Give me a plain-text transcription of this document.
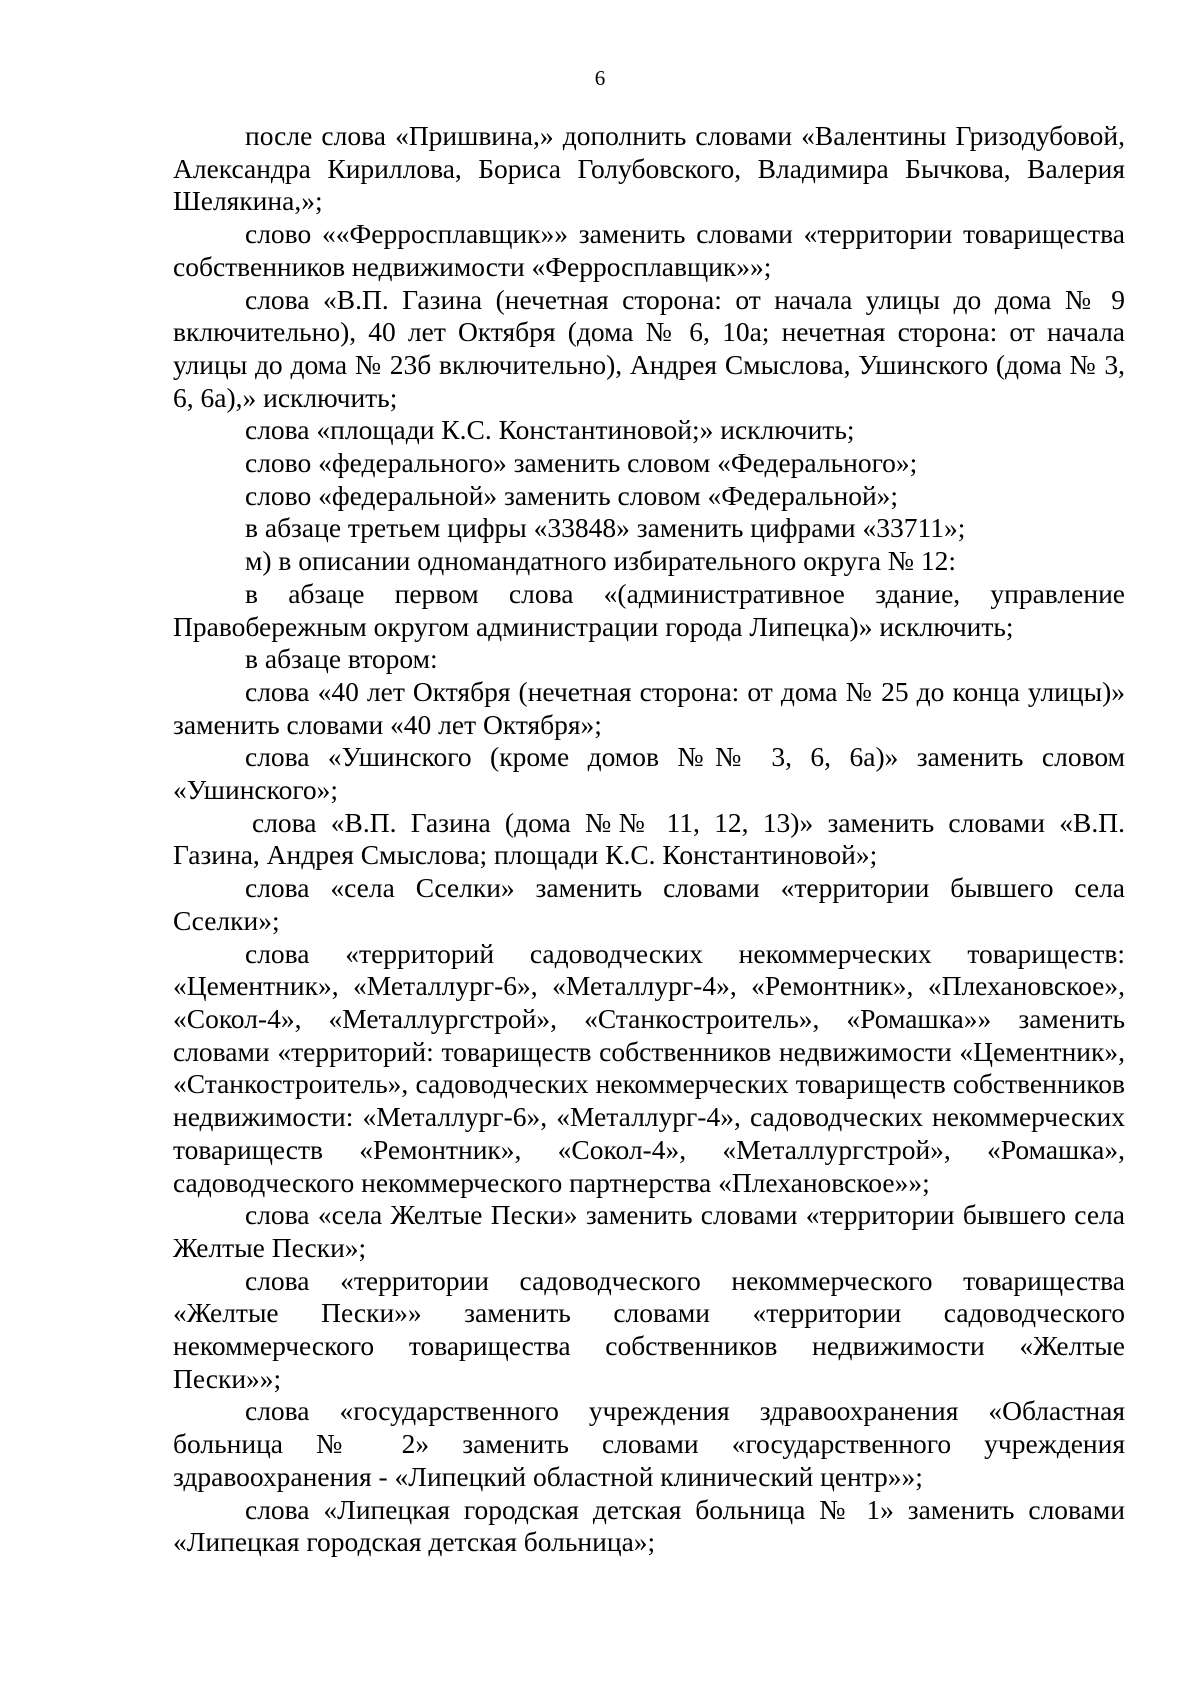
6

после слова «Пришвина,» дополнить словами «Валентины Гризодубовой, Александра Кириллова, Бориса Голубовского, Владимира Бычкова, Валерия Шелякина,»;

слово ««Ферросплавщик»» заменить словами «территории товарищества собственников недвижимости «Ферросплавщик»»;

слова «В.П. Газина (нечетная сторона: от начала улицы до дома № 9 включительно), 40 лет Октября (дома № 6, 10а; нечетная сторона: от начала улицы до дома № 23б включительно), Андрея Смыслова, Ушинского (дома № 3, 6, 6а),» исключить;

слова «площади К.С. Константиновой;» исключить;

слово «федерального» заменить словом «Федерального»;

слово «федеральной» заменить словом «Федеральной»;

в абзаце третьем цифры «33848» заменить цифрами «33711»;

м) в описании одномандатного избирательного округа № 12:

в абзаце первом слова «(административное здание, управление Правобережным округом администрации города Липецка)» исключить;

в абзаце втором:

слова «40 лет Октября (нечетная сторона: от дома № 25 до конца улицы)» заменить словами «40 лет Октября»;

слова «Ушинского (кроме домов №№ 3, 6, 6а)» заменить словом «Ушинского»;

слова «В.П. Газина (дома №№ 11, 12, 13)» заменить словами «В.П. Газина, Андрея Смыслова; площади К.С. Константиновой»;

слова «села Сселки» заменить словами «территории бывшего села Сселки»;

слова «территорий садоводческих некоммерческих товариществ: «Цементник», «Металлург-6», «Металлург-4», «Ремонтник», «Плехановское», «Сокол-4», «Металлургстрой», «Станкостроитель», «Ромашка»» заменить словами «территорий: товариществ собственников недвижимости «Цементник», «Станкостроитель», садоводческих некоммерческих товариществ собственников недвижимости: «Металлург-6», «Металлург-4», садоводческих некоммерческих товариществ «Ремонтник», «Сокол-4», «Металлургстрой», «Ромашка», садоводческого некоммерческого партнерства «Плехановское»»;

слова «села Желтые Пески» заменить словами «территории бывшего села Желтые Пески»;

слова «территории садоводческого некоммерческого товарищества «Желтые Пески»» заменить словами «территории садоводческого некоммерческого товарищества собственников недвижимости «Желтые Пески»»;

слова «государственного учреждения здравоохранения «Областная больница № 2» заменить словами «государственного учреждения здравоохранения - «Липецкий областной клинический центр»»;

слова «Липецкая городская детская больница № 1» заменить словами «Липецкая городская детская больница»;
